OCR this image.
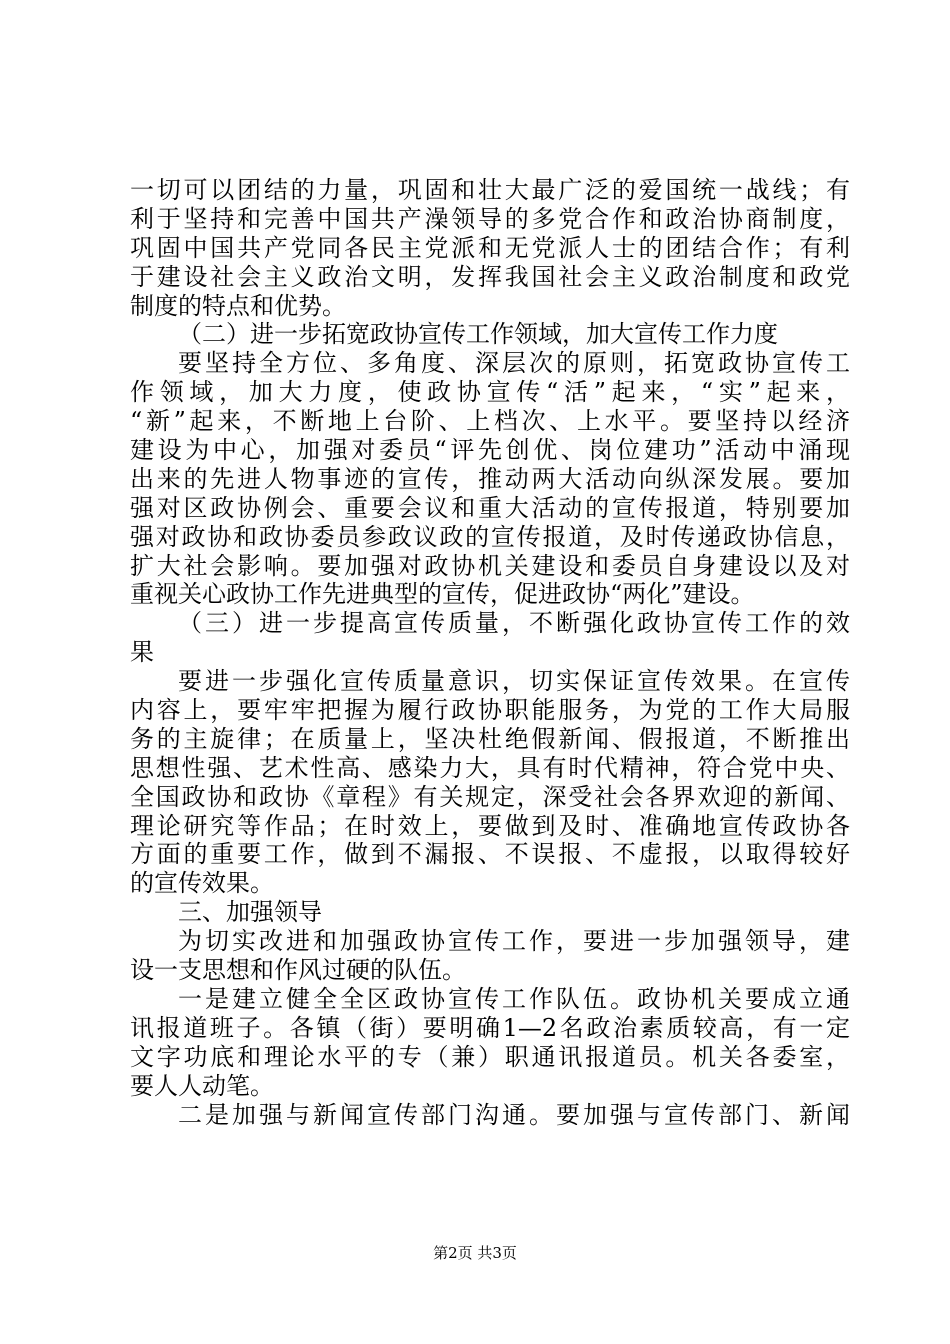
一切可以团结的力量，巩固和壮大最广泛的爱国统一战线；有
利于坚持和完善中国共产澡领导的多党合作和政治协商制度，
巩固中国共产党同各民主党派和无党派人士的团结合作；有利
于建设社会主义政治文明，发挥我国社会主义政治制度和政党
制度的特点和优势。
（二）进一步拓宽政协宣传工作领域，加大宣传工作力度
要坚持全方位、多角度、深层次的原则，拓宽政协宣传工
作领域，加大力度，使政协宣传“活”起来，“实”起来，
“新”起来，不断地上台阶、上档次、上水平。要坚持以经济
建设为中心，加强对委员“评先创优、岗位建功”活动中涌现
出来的先进人物事迹的宣传，推动两大活动向纵深发展。要加
强对区政协例会、重要会议和重大活动的宣传报道，特别要加
强对政协和政协委员参政议政的宣传报道，及时传递政协信息，
扩大社会影响。要加强对政协机关建设和委员自身建设以及对
重视关心政协工作先进典型的宣传，促进政协“两化”建设。
（三）进一步提高宣传质量，不断强化政协宣传工作的效
果
要进一步强化宣传质量意识，切实保证宣传效果。在宣传
内容上，要牢牢把握为履行政协职能服务，为党的工作大局服
务的主旋律；在质量上，坚决杜绝假新闻、假报道，不断推出
思想性强、艺术性高、感染力大，具有时代精神，符合党中央、
全国政协和政协《章程》有关规定，深受社会各界欢迎的新闻、
理论研究等作品；在时效上，要做到及时、准确地宣传政协各
方面的重要工作，做到不漏报、不误报、不虚报，以取得较好
的宣传效果。
三、加强领导
为切实改进和加强政协宣传工作，要进一步加强领导，建
设一支思想和作风过硬的队伍。
一是建立健全全区政协宣传工作队伍。政协机关要成立通
讯报道班子。各镇（街）要明确1—2名政治素质较高，有一定
文字功底和理论水平的专（兼）职通讯报道员。机关各委室，
要人人动笔。
二是加强与新闻宣传部门沟通。要加强与宣传部门、新闻
第2页 共3页
